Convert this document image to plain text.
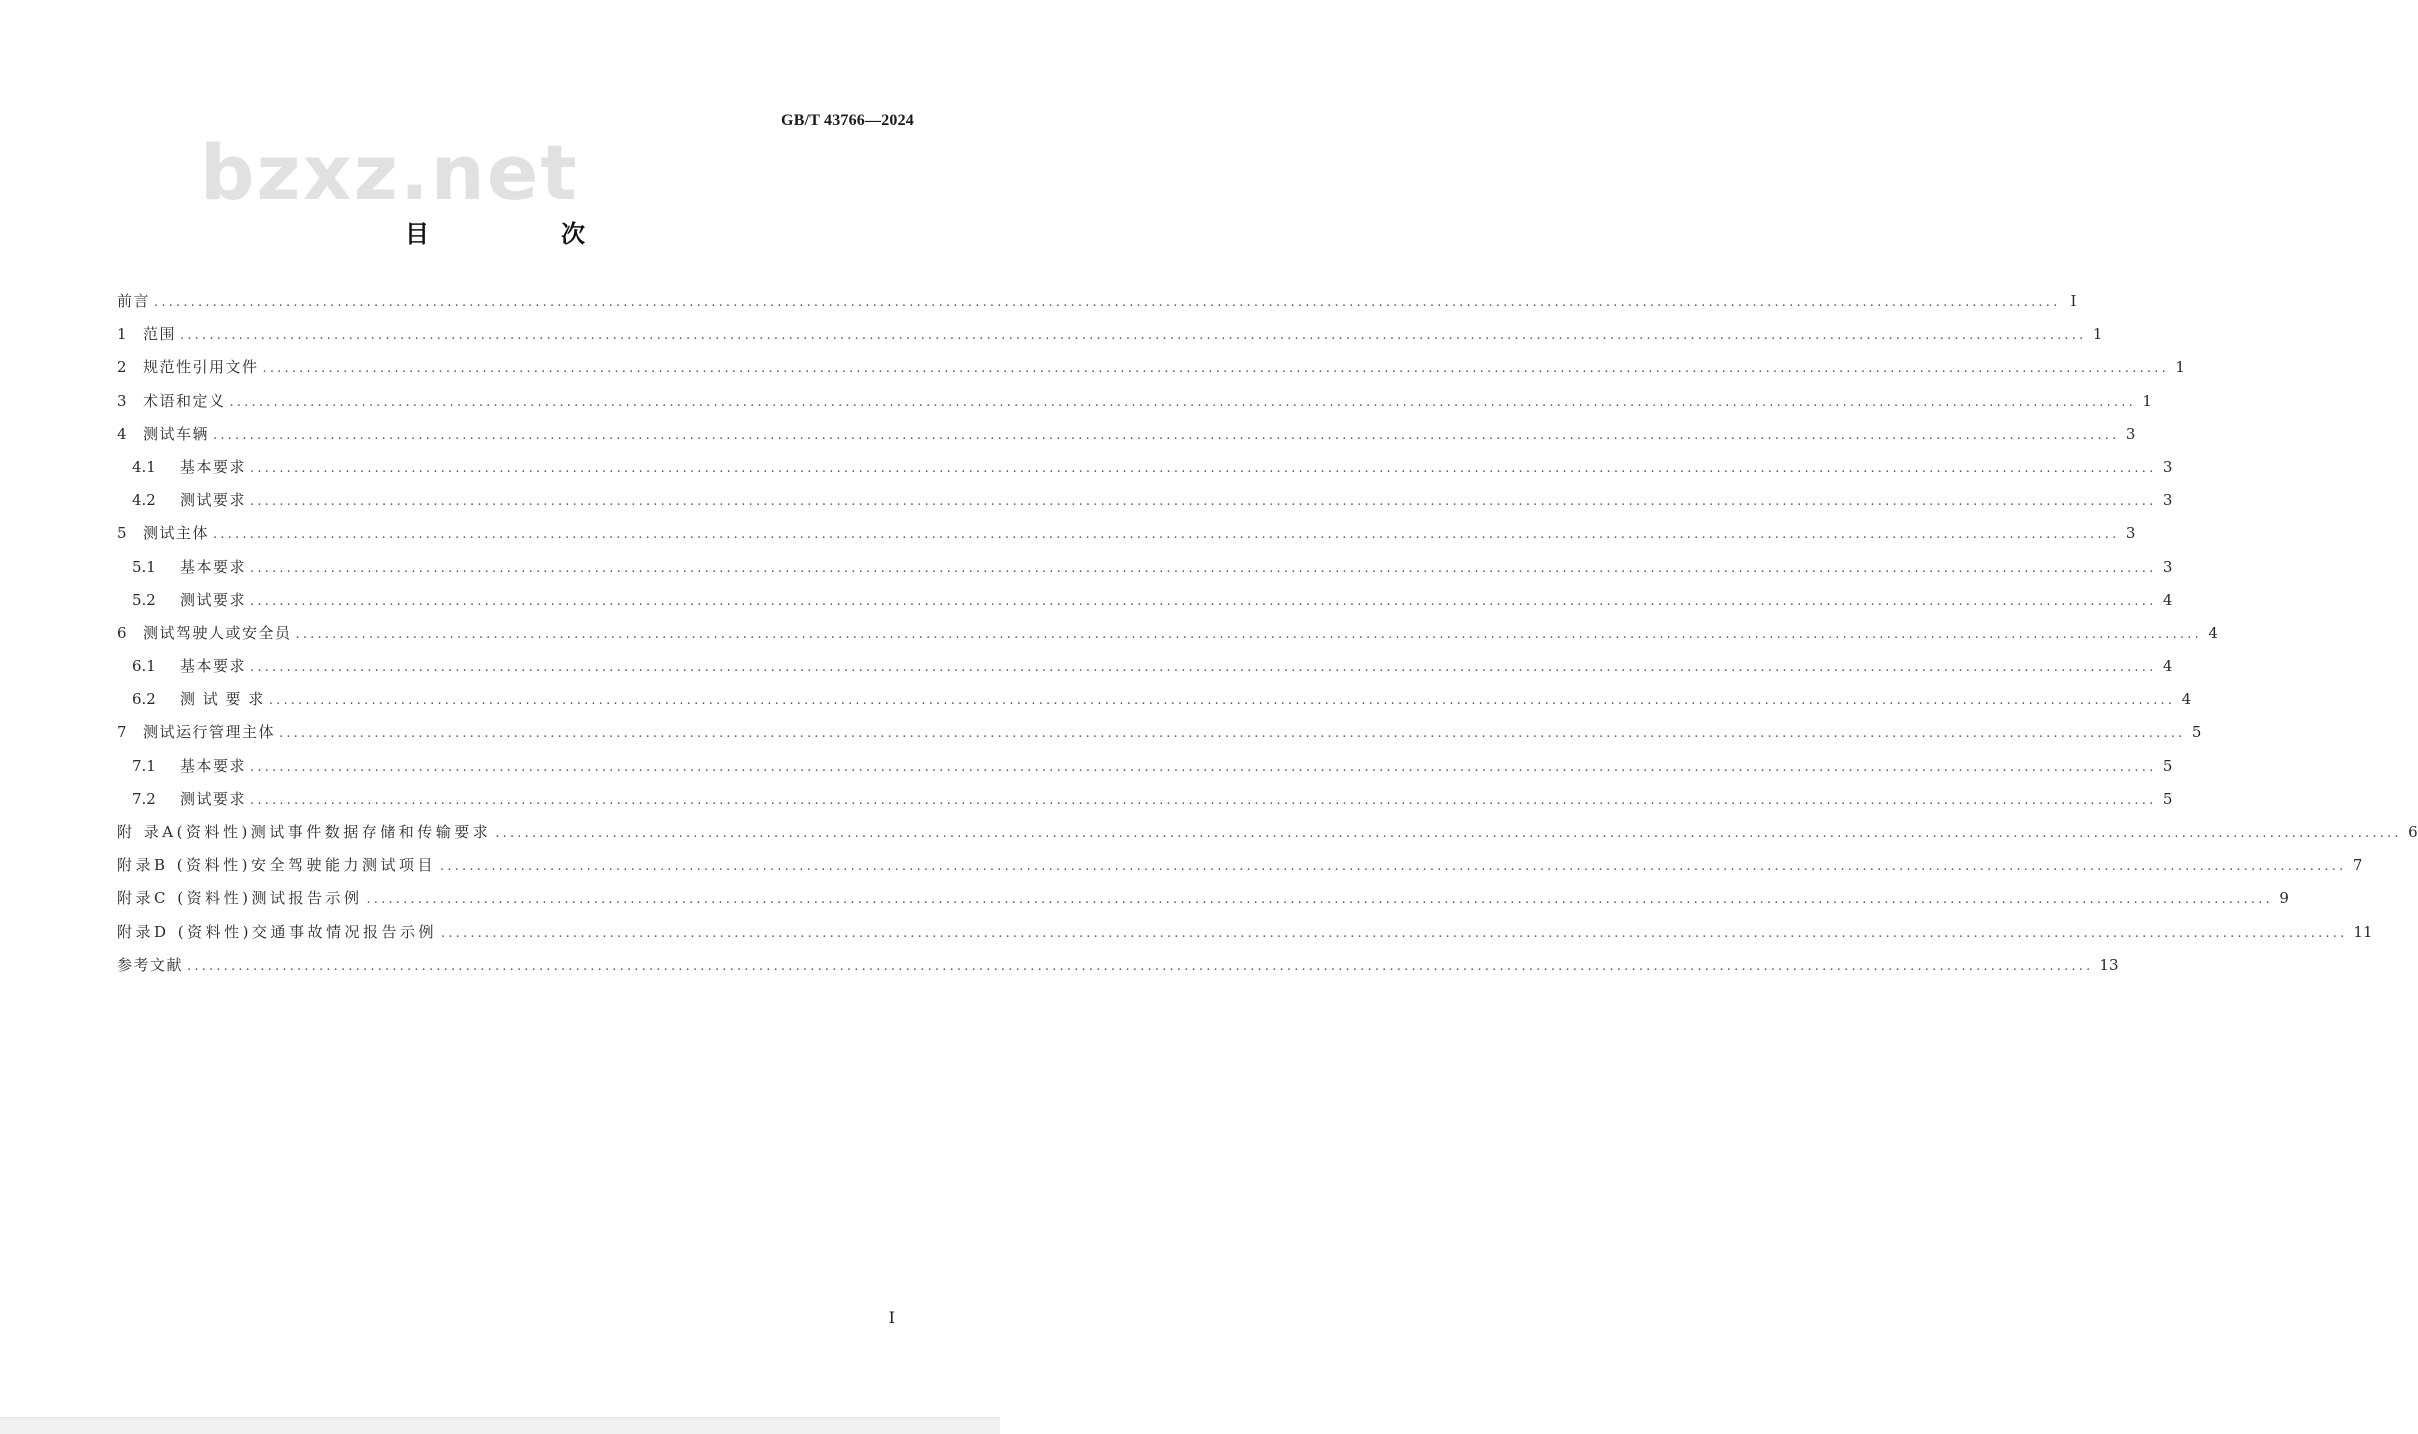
GB/T 43766—2024
bzxz.net
目　次
前言 .................................................................................................................................................................................................................................................................... I
1	范围 .................................................................................................................................................................................................................................................................... 1
2	规范性引用文件 .................................................................................................................................................................................................................................................................... 1
3	术语和定义 .................................................................................................................................................................................................................................................................... 1
4	测试车辆 .................................................................................................................................................................................................................................................................... 3
4.1	基本要求 .................................................................................................................................................................................................................................................................... 3
4.2	测试要求 .................................................................................................................................................................................................................................................................... 3
5	测试主体 .................................................................................................................................................................................................................................................................... 3
5.1	基本要求 .................................................................................................................................................................................................................................................................... 3
5.2	测试要求 .................................................................................................................................................................................................................................................................... 4
6	测试驾驶人或安全员 .................................................................................................................................................................................................................................................................... 4
6.1	基本要求 .................................................................................................................................................................................................................................................................... 4
6.2	测 试 要 求 .................................................................................................................................................................................................................................................................... 4
7	测试运行管理主体 .................................................................................................................................................................................................................................................................... 5
7.1	基本要求 .................................................................................................................................................................................................................................................................... 5
7.2	测试要求 .................................................................................................................................................................................................................................................................... 5
附 录A(资料性)测试事件数据存储和传输要求 .................................................................................................................................................................................................................................................................... 6
附录B (资料性)安全驾驶能力测试项目 .................................................................................................................................................................................................................................................................... 7
附录C (资料性)测试报告示例 .................................................................................................................................................................................................................................................................... 9
附录D (资料性)交通事故情况报告示例 .................................................................................................................................................................................................................................................................... 11
参考文献 .................................................................................................................................................................................................................................................................... 13
I
